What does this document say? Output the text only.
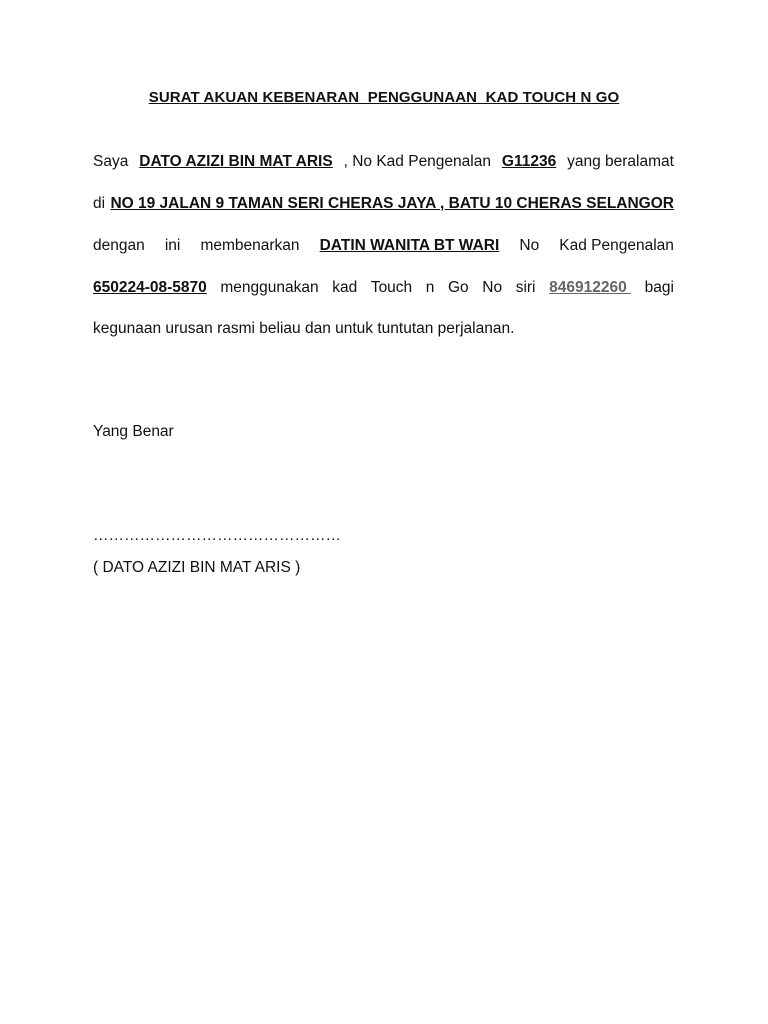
SURAT AKUAN KEBENARAN  PENGGUNAAN  KAD TOUCH N GO
Saya DATO AZIZI BIN MAT ARIS , No Kad Pengenalan G11236 yang beralamat
di NO 19 JALAN 9 TAMAN SERI CHERAS JAYA , BATU 10 CHERAS SELANGOR
dengan ini membenarkan DATIN WANITA BT WARI No Kad Pengenalan
650224-08-5870 menggunakan kad Touch n Go No siri 846912260 bagi
kegunaan urusan rasmi beliau dan untuk tuntutan perjalanan.
Yang Benar
…………………………………………
( DATO AZIZI BIN MAT ARIS )
